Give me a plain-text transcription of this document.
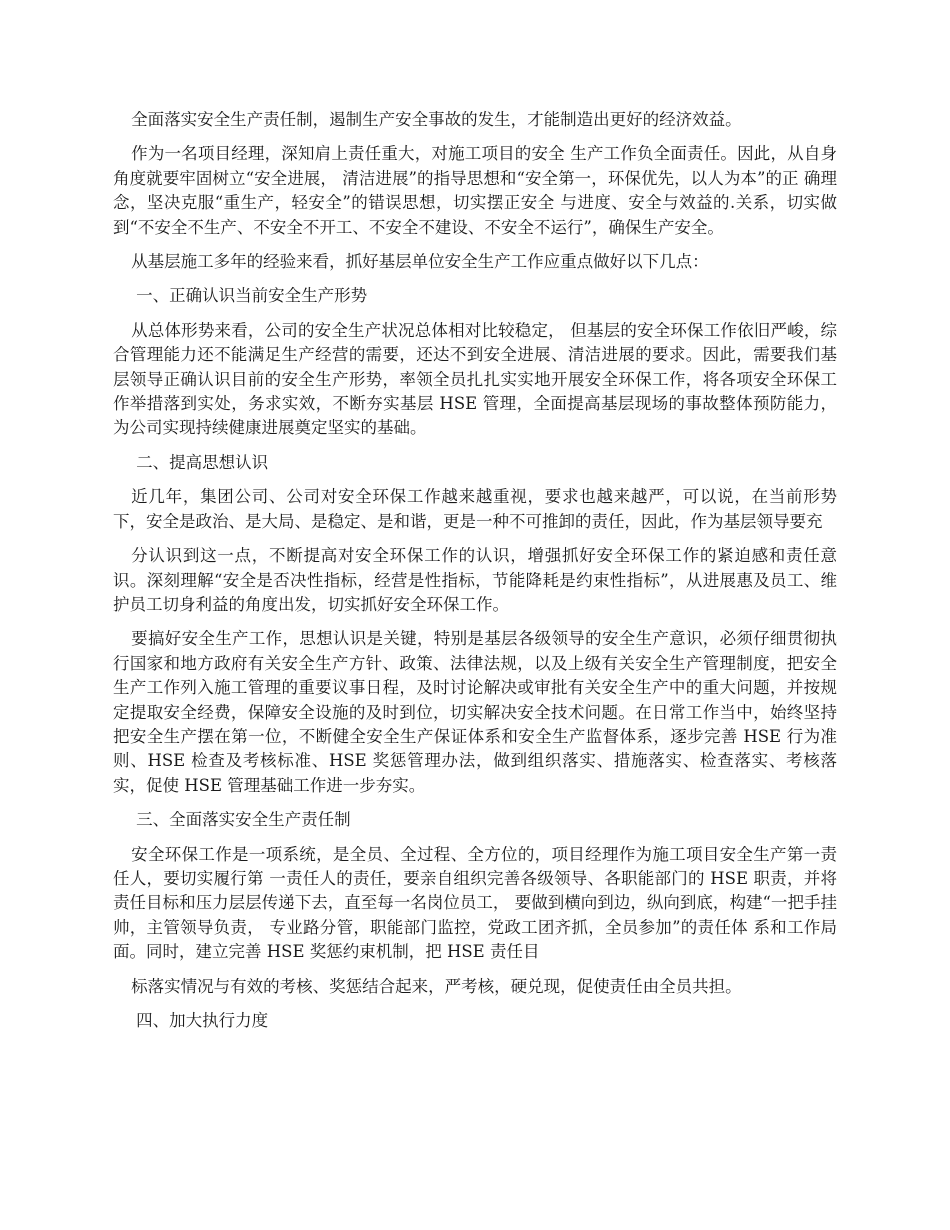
全面落实安全生产责任制，遏制生产安全事故的发生，才能制造出更好的经济效益。

作为一名项目经理，深知肩上责任重大，对施工项目的安全 生产工作负全面责任。因此，从自身角度就要牢固树立“安全进展， 清洁进展”的指导思想和“安全第一，环保优先，以人为本”的正 确理念，坚决克服“重生产，轻安全”的错误思想，切实摆正安全 与进度、安全与效益的.关系，切实做到“不安全不生产、不安全不开工、不安全不建设、不安全不运行”，确保生产安全。

从基层施工多年的经验来看，抓好基层单位安全生产工作应重点做好以下几点：

一、正确认识当前安全生产形势

从总体形势来看，公司的安全生产状况总体相对比较稳定， 但基层的安全环保工作依旧严峻，综合管理能力还不能满足生产经营的需要，还达不到安全进展、清洁进展的要求。因此，需要我们基层领导正确认识目前的安全生产形势，率领全员扎扎实实地开展安全环保工作，将各项安全环保工作举措落到实处，务求实效，不断夯实基层 HSE 管理，全面提高基层现场的事故整体预防能力，为公司实现持续健康进展奠定坚实的基础。

二、提高思想认识

近几年，集团公司、公司对安全环保工作越来越重视，要求也越来越严，可以说，在当前形势下，安全是政治、是大局、是稳定、是和谐，更是一种不可推卸的责任，因此，作为基层领导要充

分认识到这一点，不断提高对安全环保工作的认识，增强抓好安全环保工作的紧迫感和责任意识。深刻理解“安全是否决性指标，经营是性指标，节能降耗是约束性指标”，从进展惠及员工、维护员工切身利益的角度出发，切实抓好安全环保工作。

要搞好安全生产工作，思想认识是关键，特别是基层各级领导的安全生产意识，必须仔细贯彻执行国家和地方政府有关安全生产方针、政策、法律法规，以及上级有关安全生产管理制度，把安全生产工作列入施工管理的重要议事日程，及时讨论解决或审批有关安全生产中的重大问题，并按规定提取安全经费，保障安全设施的及时到位，切实解决安全技术问题。在日常工作当中，始终坚持把安全生产摆在第一位，不断健全安全生产保证体系和安全生产监督体系，逐步完善 HSE 行为准则、HSE 检查及考核标准、HSE 奖惩管理办法，做到组织落实、措施落实、检查落实、考核落实，促使 HSE 管理基础工作进一步夯实。

三、全面落实安全生产责任制

安全环保工作是一项系统，是全员、全过程、全方位的，项目经理作为施工项目安全生产第一责任人，要切实履行第 一责任人的责任，要亲自组织完善各级领导、各职能部门的 HSE 职责，并将责任目标和压力层层传递下去，直至每一名岗位员工， 要做到横向到边，纵向到底，构建“一把手挂帅，主管领导负责， 专业路分管，职能部门监控，党政工团齐抓，全员参加”的责任体 系和工作局面。同时，建立完善 HSE 奖惩约束机制，把 HSE 责任目

标落实情况与有效的考核、奖惩结合起来，严考核，硬兑现，促使责任由全员共担。

四、加大执行力度
